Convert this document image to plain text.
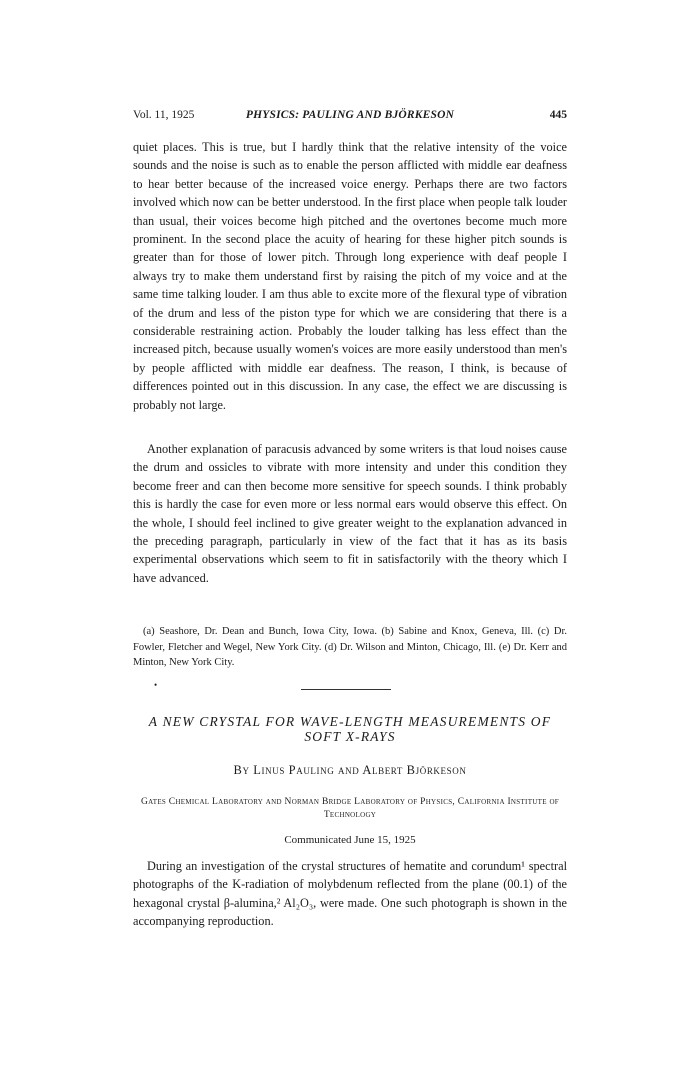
Vol. 11, 1925	PHYSICS: PAULING AND BJÖRKESON	445
quiet places. This is true, but I hardly think that the relative intensity of the voice sounds and the noise is such as to enable the person afflicted with middle ear deafness to hear better because of the increased voice energy. Perhaps there are two factors involved which now can be better understood. In the first place when people talk louder than usual, their voices become high pitched and the overtones become much more prominent. In the second place the acuity of hearing for these higher pitch sounds is greater than for those of lower pitch. Through long experience with deaf people I always try to make them understand first by raising the pitch of my voice and at the same time talking louder. I am thus able to excite more of the flexural type of vibration of the drum and less of the piston type for which we are considering that there is a considerable restraining action. Probably the louder talking has less effect than the increased pitch, because usually women's voices are more easily understood than men's by people afflicted with middle ear deafness. The reason, I think, is because of differences pointed out in this discussion. In any case, the effect we are discussing is probably not large.
Another explanation of paracusis advanced by some writers is that loud noises cause the drum and ossicles to vibrate with more intensity and under this condition they become freer and can then become more sensitive for speech sounds. I think probably this is hardly the case for even more or less normal ears would observe this effect. On the whole, I should feel inclined to give greater weight to the explanation advanced in the preceding paragraph, particularly in view of the fact that it has as its basis experimental observations which seem to fit in satisfactorily with the theory which I have advanced.
(a) Seashore, Dr. Dean and Bunch, Iowa City, Iowa. (b) Sabine and Knox, Geneva, Ill. (c) Dr. Fowler, Fletcher and Wegel, New York City. (d) Dr. Wilson and Minton, Chicago, Ill. (e) Dr. Kerr and Minton, New York City.
•
A NEW CRYSTAL FOR WAVE-LENGTH MEASUREMENTS OF SOFT X-RAYS
By Linus Pauling and Albert Björkeson
Gates Chemical Laboratory and Norman Bridge Laboratory of Physics, California Institute of Technology
Communicated June 15, 1925
During an investigation of the crystal structures of hematite and corundum¹ spectral photographs of the K-radiation of molybdenum reflected from the plane (00.1) of the hexagonal crystal β-alumina,² Al₂O₃, were made. One such photograph is shown in the accompanying reproduction.
